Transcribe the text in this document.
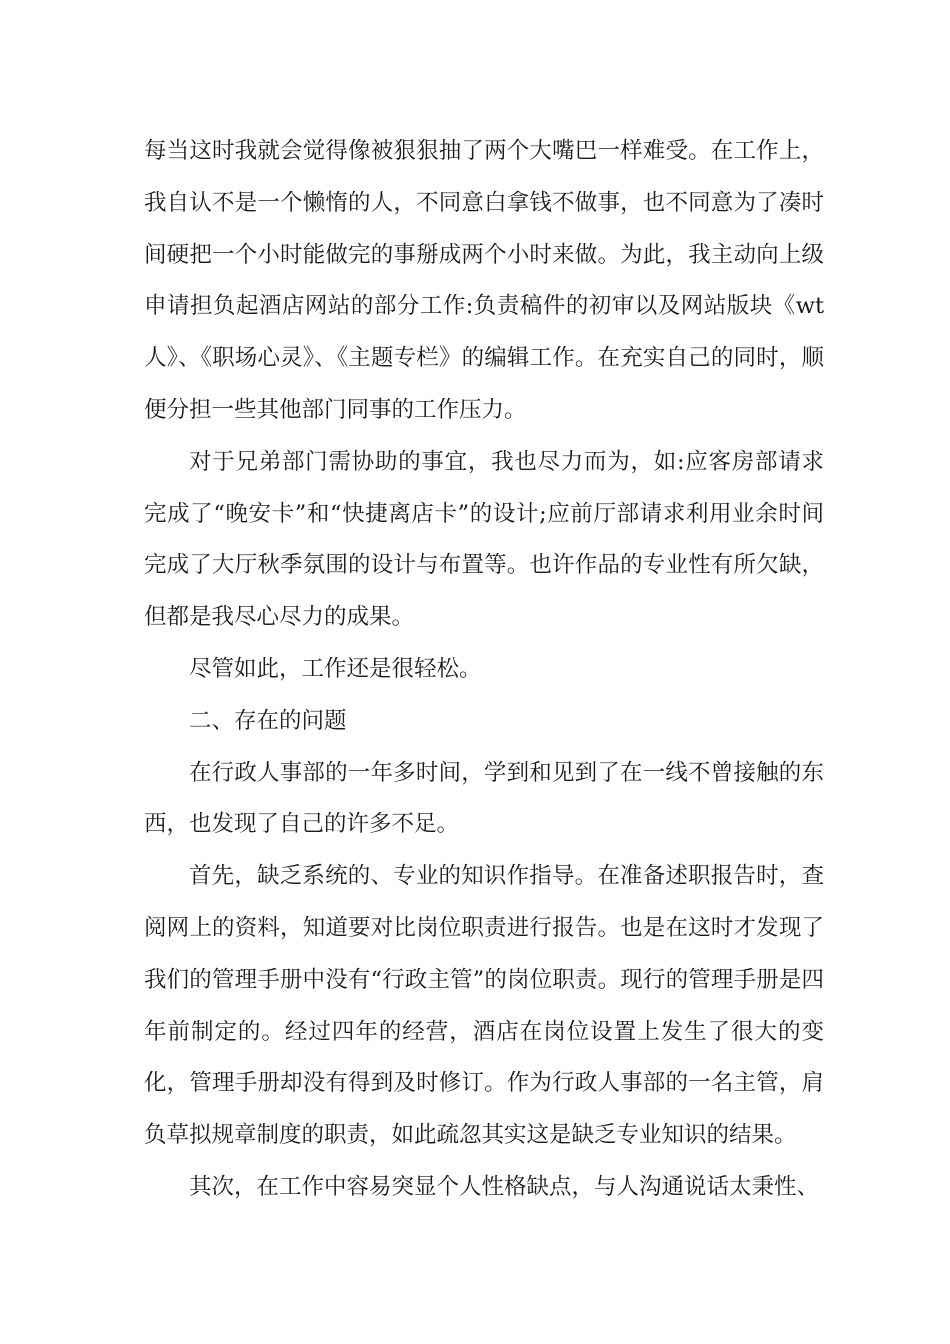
每当这时我就会觉得像被狠狠抽了两个大嘴巴一样难受。在工作上，我自认不是一个懒惰的人，不同意白拿钱不做事，也不同意为了凑时间硬把一个小时能做完的事掰成两个小时来做。为此，我主动向上级申请担负起酒店网站的部分工作:负责稿件的初审以及网站版块《wt 人》、《职场心灵》、《主题专栏》的编辑工作。在充实自己的同时，顺便分担一些其他部门同事的工作压力。

对于兄弟部门需协助的事宜，我也尽力而为，如:应客房部请求完成了“晚安卡”和“快捷离店卡”的设计;应前厅部请求利用业余时间完成了大厅秋季氛围的设计与布置等。也许作品的专业性有所欠缺，但都是我尽心尽力的成果。

尽管如此，工作还是很轻松。

二、存在的问题

在行政人事部的一年多时间，学到和见到了在一线不曾接触的东西，也发现了自己的许多不足。

首先，缺乏系统的、专业的知识作指导。在准备述职报告时，查阅网上的资料，知道要对比岗位职责进行报告。也是在这时才发现了我们的管理手册中没有“行政主管”的岗位职责。现行的管理手册是四年前制定的。经过四年的经营，酒店在岗位设置上发生了很大的变化，管理手册却没有得到及时修订。作为行政人事部的一名主管，肩负草拟规章制度的职责，如此疏忽其实这是缺乏专业知识的结果。

其次，在工作中容易突显个人性格缺点，与人沟通说话太秉性、
